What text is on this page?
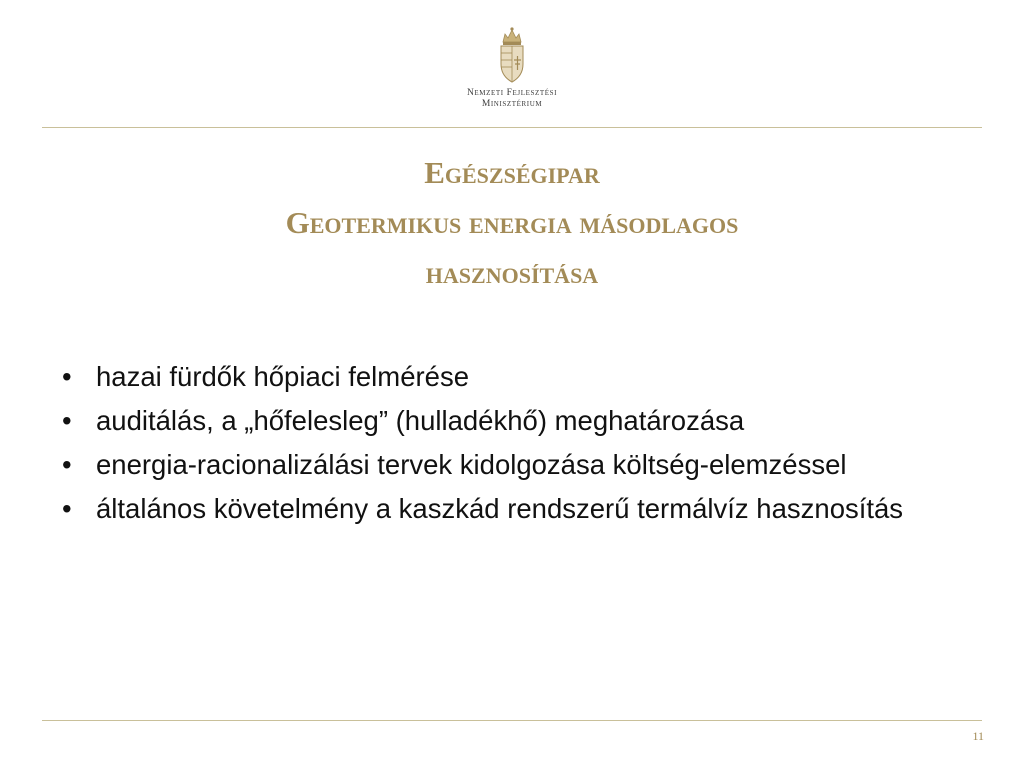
Nemzeti Fejlesztési
Minisztérium
Egészségipar
Geotermikus energia másodlagos
hasznosítása
• hazai fürdők hőpiaci felmérése
• auditálás, a „hőfelesleg” (hulladékhő) meghatározása
• energia-racionalizálási tervek kidolgozása költség-elemzéssel
• általános követelmény a kaszkád rendszerű termálvíz hasznosítás
11
